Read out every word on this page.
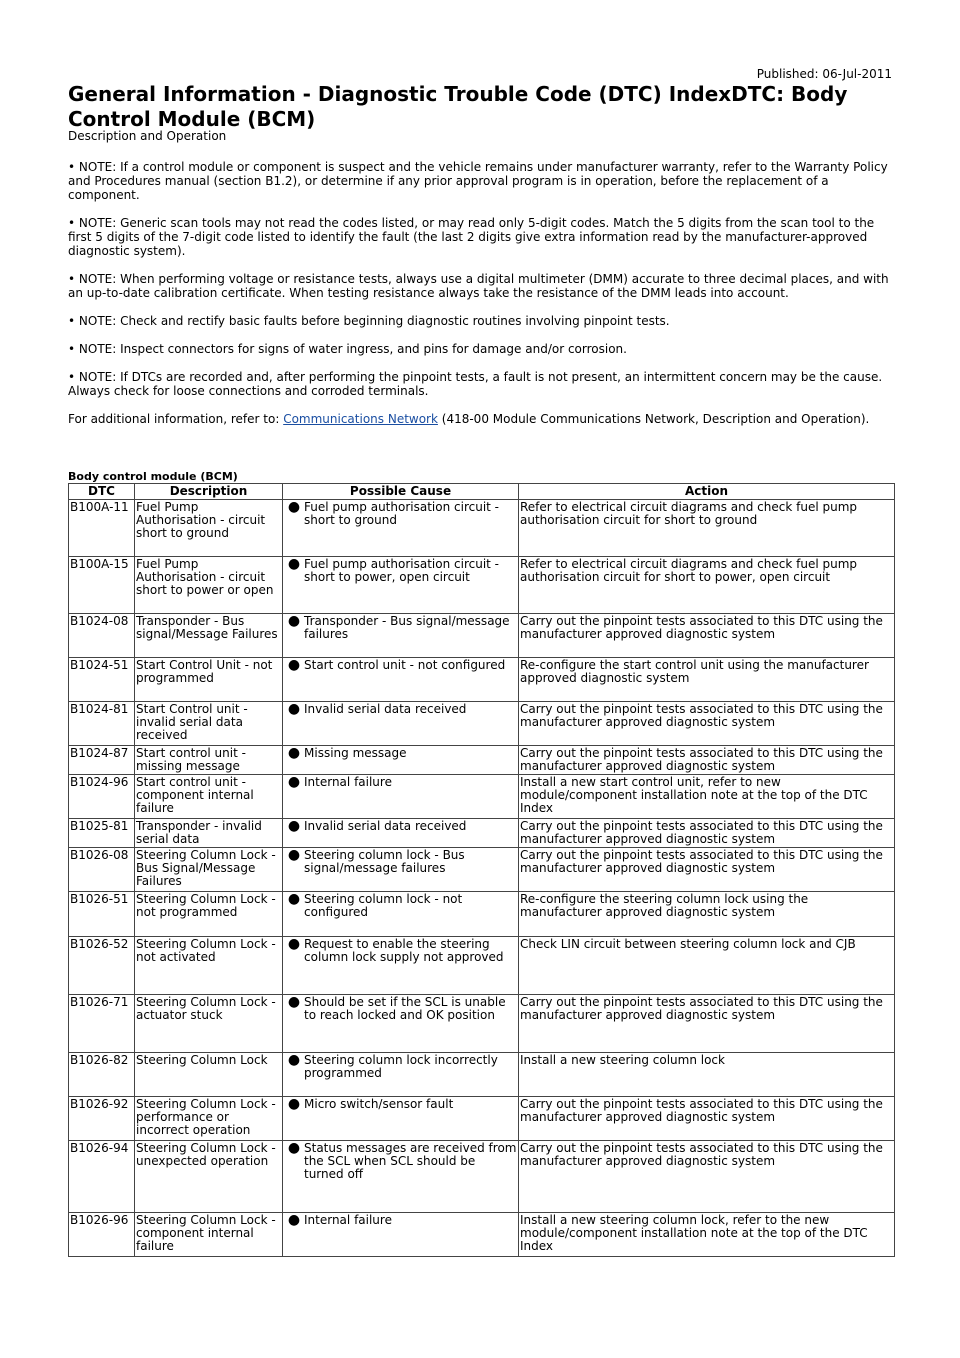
Published: 06-Jul-2011
General Information - Diagnostic Trouble Code (DTC) IndexDTC: Body Control Module (BCM)
Description and Operation

• NOTE: If a control module or component is suspect and the vehicle remains under manufacturer warranty, refer to the Warranty Policy and Procedures manual (section B1.2), or determine if any prior approval program is in operation, before the replacement of a component.

• NOTE: Generic scan tools may not read the codes listed, or may read only 5-digit codes. Match the 5 digits from the scan tool to the first 5 digits of the 7-digit code listed to identify the fault (the last 2 digits give extra information read by the manufacturer-approved diagnostic system).

• NOTE: When performing voltage or resistance tests, always use a digital multimeter (DMM) accurate to three decimal places, and with an up-to-date calibration certificate. When testing resistance always take the resistance of the DMM leads into account.

• NOTE: Check and rectify basic faults before beginning diagnostic routines involving pinpoint tests.

• NOTE: Inspect connectors for signs of water ingress, and pins for damage and/or corrosion.

• NOTE: If DTCs are recorded and, after performing the pinpoint tests, a fault is not present, an intermittent concern may be the cause. Always check for loose connections and corroded terminals.

For additional information, refer to: Communications Network (418-00 Module Communications Network, Description and Operation).

Body control module (BCM)
DTC	Description	Possible Cause	Action
B100A-11	Fuel Pump Authorisation - circuit short to ground	● Fuel pump authorisation circuit - short to ground	Refer to electrical circuit diagrams and check fuel pump authorisation circuit for short to ground
B100A-15	Fuel Pump Authorisation - circuit short to power or open	● Fuel pump authorisation circuit - short to power, open circuit	Refer to electrical circuit diagrams and check fuel pump authorisation circuit for short to power, open circuit
B1024-08	Transponder - Bus signal/Message Failures	● Transponder - Bus signal/message failures	Carry out the pinpoint tests associated to this DTC using the manufacturer approved diagnostic system
B1024-51	Start Control Unit - not programmed	● Start control unit - not configured	Re-configure the start control unit using the manufacturer approved diagnostic system
B1024-81	Start Control unit - invalid serial data received	● Invalid serial data received	Carry out the pinpoint tests associated to this DTC using the manufacturer approved diagnostic system
B1024-87	Start control unit - missing message	● Missing message	Carry out the pinpoint tests associated to this DTC using the manufacturer approved diagnostic system
B1024-96	Start control unit - component internal failure	● Internal failure	Install a new start control unit, refer to new module/component installation note at the top of the DTC Index
B1025-81	Transponder - invalid serial data	● Invalid serial data received	Carry out the pinpoint tests associated to this DTC using the manufacturer approved diagnostic system
B1026-08	Steering Column Lock - Bus Signal/Message Failures	● Steering column lock - Bus signal/message failures	Carry out the pinpoint tests associated to this DTC using the manufacturer approved diagnostic system
B1026-51	Steering Column Lock - not programmed	● Steering column lock - not configured	Re-configure the steering column lock using the manufacturer approved diagnostic system
B1026-52	Steering Column Lock - not activated	● Request to enable the steering column lock supply not approved	Check LIN circuit between steering column lock and CJB
B1026-71	Steering Column Lock - actuator stuck	● Should be set if the SCL is unable to reach locked and OK position	Carry out the pinpoint tests associated to this DTC using the manufacturer approved diagnostic system
B1026-82	Steering Column Lock	● Steering column lock incorrectly programmed	Install a new steering column lock
B1026-92	Steering Column Lock - performance or incorrect operation	● Micro switch/sensor fault	Carry out the pinpoint tests associated to this DTC using the manufacturer approved diagnostic system
B1026-94	Steering Column Lock - unexpected operation	● Status messages are received from the SCL when SCL should be turned off	Carry out the pinpoint tests associated to this DTC using the manufacturer approved diagnostic system
B1026-96	Steering Column Lock - component internal failure	● Internal failure	Install a new steering column lock, refer to the new module/component installation note at the top of the DTC Index
